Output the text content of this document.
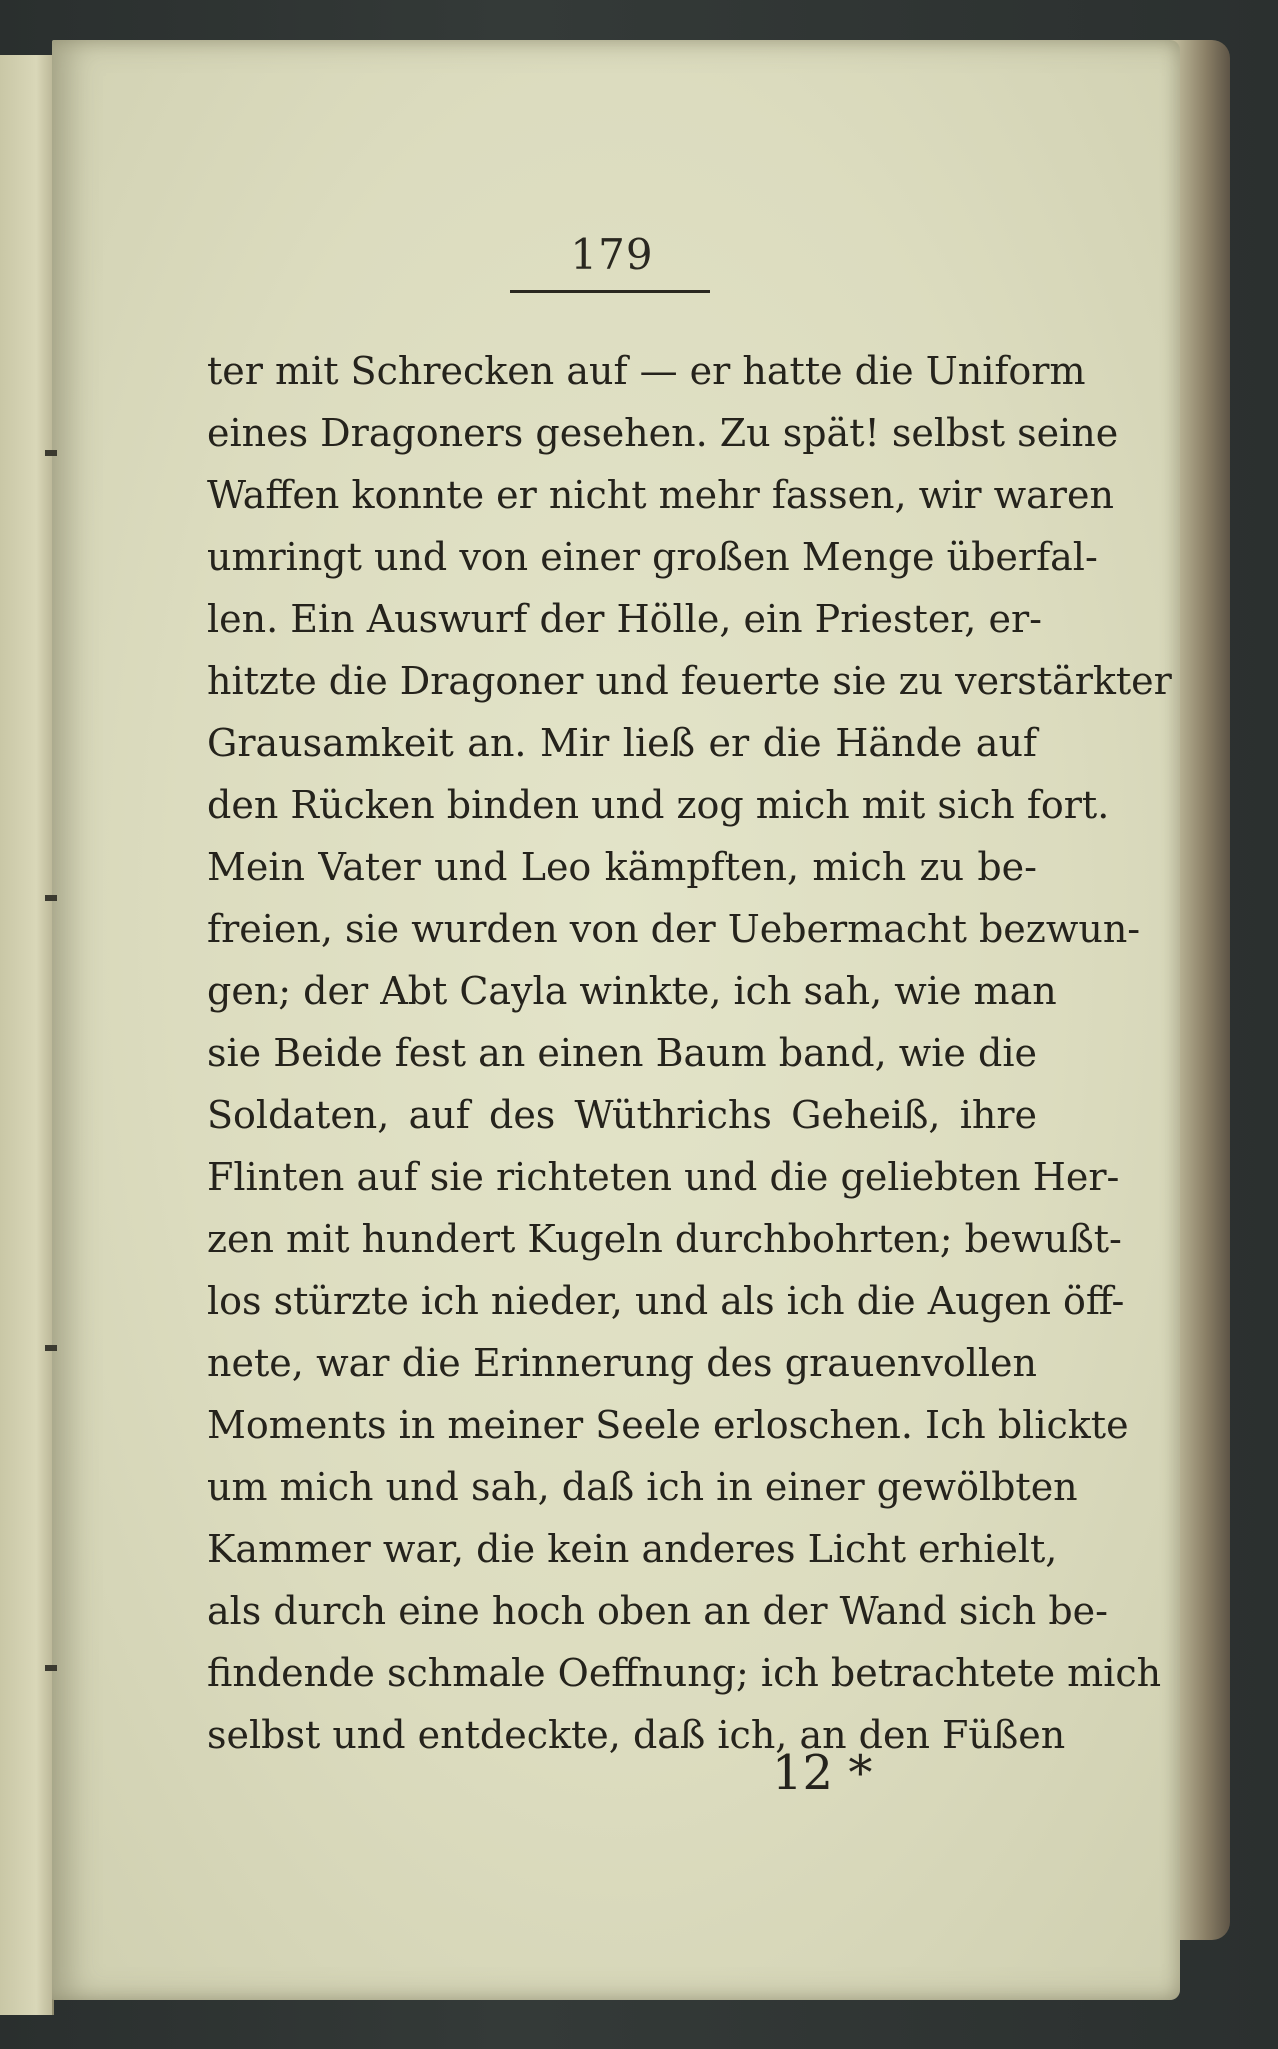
179
ter mit Schrecken auf — er hatte die Uniform
eines Dragoners gesehen. Zu spät! selbst seine
Waffen konnte er nicht mehr fassen, wir waren
umringt und von einer großen Menge überfal-
len. Ein Auswurf der Hölle, ein Priester, er-
hitzte die Dragoner und feuerte sie zu verstärkter
Grausamkeit an. Mir ließ er die Hände auf
den Rücken binden und zog mich mit sich fort.
Mein Vater und Leo kämpften, mich zu be-
freien, sie wurden von der Uebermacht bezwun-
gen; der Abt Cayla winkte, ich sah, wie man
sie Beide fest an einen Baum band, wie die
Soldaten, auf des Wüthrichs Geheiß, ihre
Flinten auf sie richteten und die geliebten Her-
zen mit hundert Kugeln durchbohrten; bewußt-
los stürzte ich nieder, und als ich die Augen öff-
nete, war die Erinnerung des grauenvollen
Moments in meiner Seele erloschen. Ich blickte
um mich und sah, daß ich in einer gewölbten
Kammer war, die kein anderes Licht erhielt,
als durch eine hoch oben an der Wand sich be-
findende schmale Oeffnung; ich betrachtete mich
selbst und entdeckte, daß ich, an den Füßen
12 *
